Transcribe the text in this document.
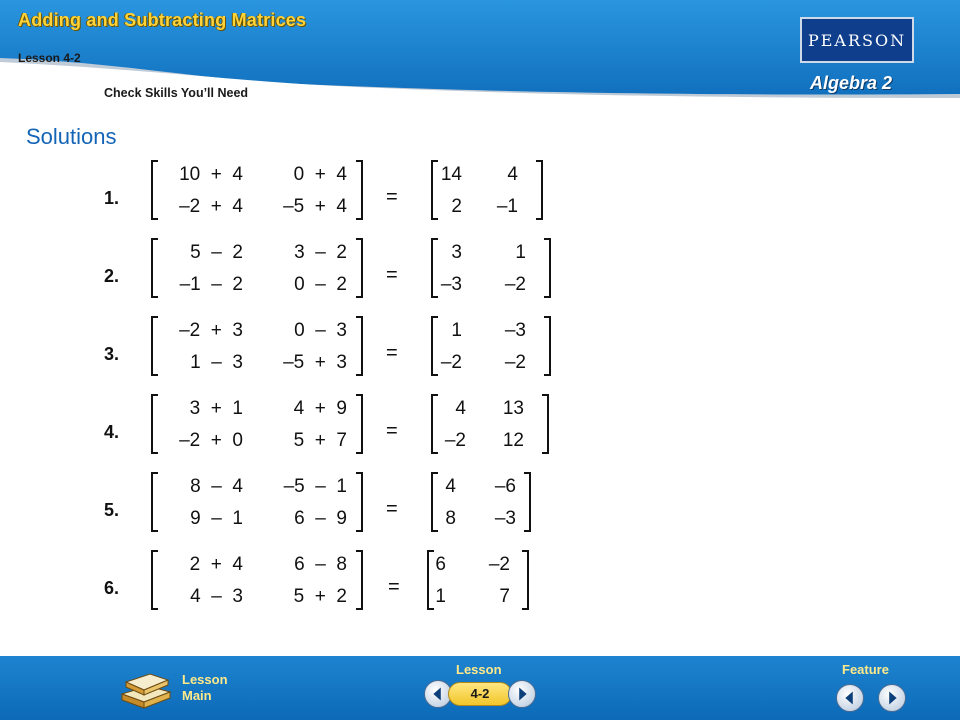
Adding and Subtracting Matrices
Lesson 4-2
Check Skills You’ll Need
PEARSON
Algebra 2
Solutions
1.
10  +  4	0  +  4
–2  +  4 –5  +  4 =
14 4
2 –1
2.
5  –  2	3  –  2
–1  –  2	0  –  2 =
3	1
–3 –2
3.
–2  +  3	0  –  3
1  –  3 –5  +  3 =
1 –3
–2 –2
4.
3  +  1	4  +  9
–2  +  0	5  +  7 =
4 13
–2 12
5.
8  –  4 –5  –  1
9  –  1	6  –  9 =
4 –6
8 –3
6.
2  +  4	6  –  8
4  –  3	5  +  2 =
6 –2
1	7
Lesson
Main
Lesson
4-2
Feature
